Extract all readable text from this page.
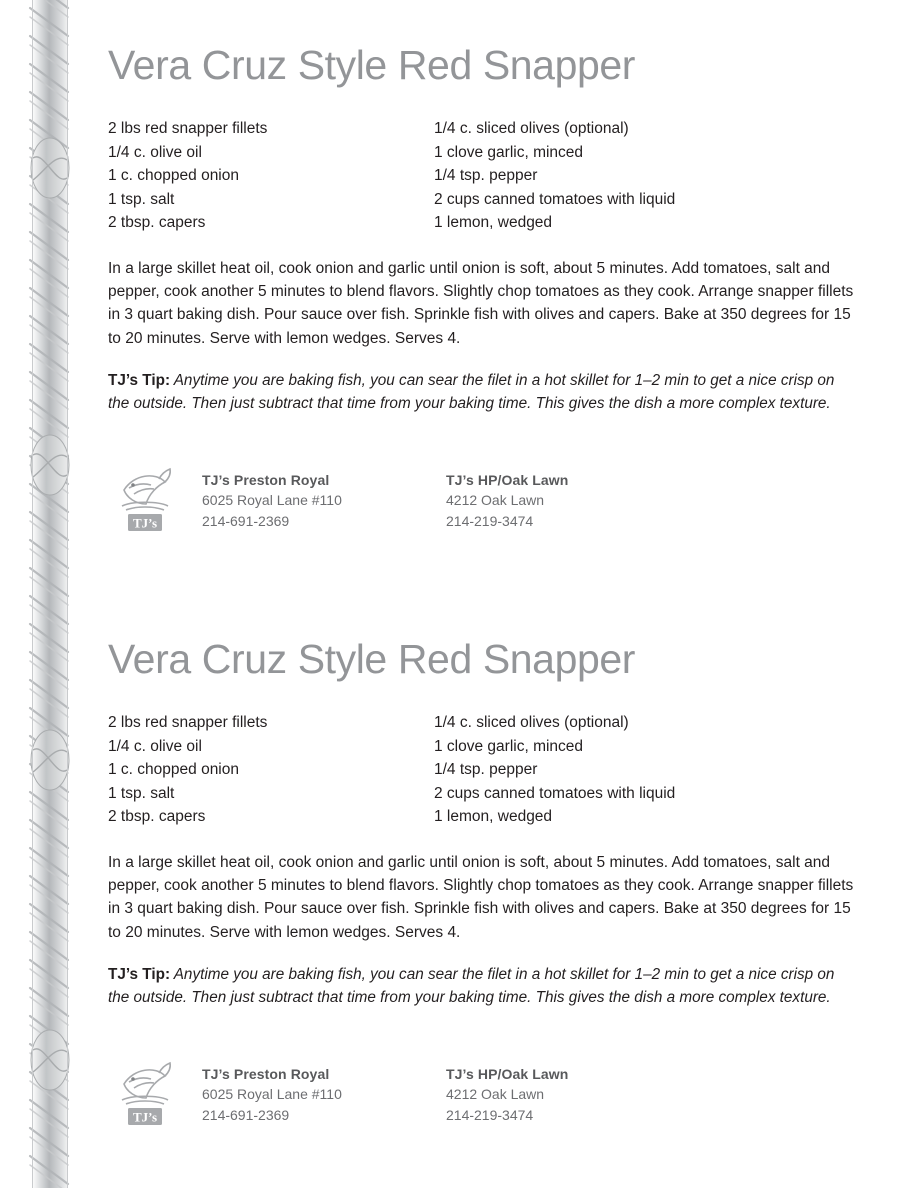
Vera Cruz Style Red Snapper
2 lbs red snapper fillets
1/4 c. olive oil
1 c. chopped onion
1 tsp. salt
2 tbsp. capers
1/4 c. sliced olives (optional)
1 clove garlic, minced
1/4 tsp. pepper
2 cups canned tomatoes with liquid
1 lemon, wedged

In a large skillet heat oil, cook onion and garlic until onion is soft, about 5 minutes. Add tomatoes, salt and pepper, cook another 5 minutes to blend flavors. Slightly chop tomatoes as they cook. Arrange snapper fillets in 3 quart baking dish. Pour sauce over fish. Sprinkle fish with olives and capers. Bake at 350 degrees for 15 to 20 minutes. Serve with lemon wedges. Serves 4.

TJ’s Tip: Anytime you are baking fish, you can sear the filet in a hot skillet for 1–2 min to get a nice crisp on the outside. Then just subtract that time from your baking time. This gives the dish a more complex texture.

TJ’s
TJ’s Preston Royal
6025 Royal Lane #110
214-691-2369
TJ’s HP/Oak Lawn
4212 Oak Lawn
214-219-3474
Vera Cruz Style Red Snapper
2 lbs red snapper fillets
1/4 c. olive oil
1 c. chopped onion
1 tsp. salt
2 tbsp. capers
1/4 c. sliced olives (optional)
1 clove garlic, minced
1/4 tsp. pepper
2 cups canned tomatoes with liquid
1 lemon, wedged

In a large skillet heat oil, cook onion and garlic until onion is soft, about 5 minutes. Add tomatoes, salt and pepper, cook another 5 minutes to blend flavors. Slightly chop tomatoes as they cook. Arrange snapper fillets in 3 quart baking dish. Pour sauce over fish. Sprinkle fish with olives and capers. Bake at 350 degrees for 15 to 20 minutes. Serve with lemon wedges. Serves 4.

TJ’s Tip: Anytime you are baking fish, you can sear the filet in a hot skillet for 1–2 min to get a nice crisp on the outside. Then just subtract that time from your baking time. This gives the dish a more complex texture.

TJ’s
TJ’s Preston Royal
6025 Royal Lane #110
214-691-2369
TJ’s HP/Oak Lawn
4212 Oak Lawn
214-219-3474
